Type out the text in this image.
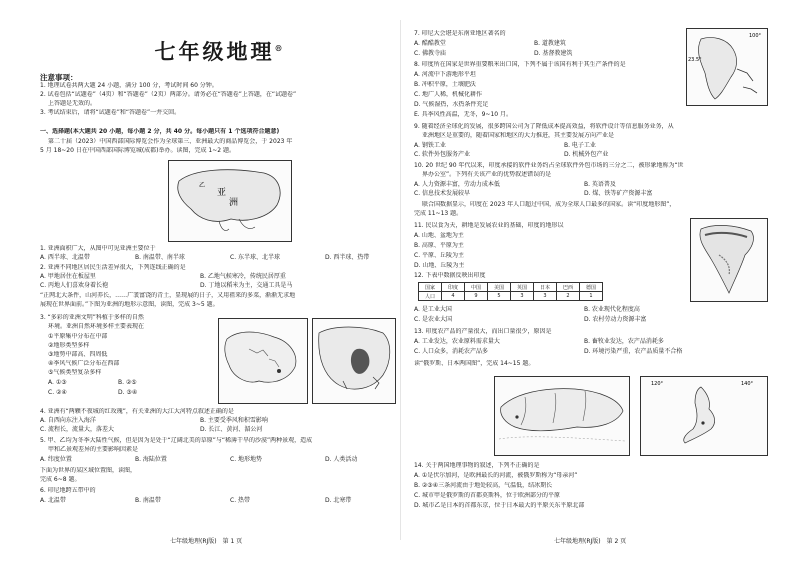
七年级地理®
注意事项：
1. 地理试卷共两大题 24 小题，满分 100 分，考试时间 60 分钟。
2. 试卷包括“试题卷”（4页）和“答题卷”（2页）两部分。请务必在“答题卷”上答题，在“试题卷”
上答题是无效的。
3. 考试结束后，请将“试题卷”和“答题卷”一并交回。
一、选择题(本大题共 20 小题，每小题 2 分，共 40 分。每小题只有 1 个选项符合题意)
第二十届（2023）中国西部国际博览会作为全球第三、亚洲最大的商品博览会，于 2023 年
5 月 18~20 日在中国西部国际博览城(成都)举办。读图，完成 1~2 题。
亚
洲
乙
1. 亚洲面积广大，从图中可见亚洲主要位于
A. 西半球、北温带	B. 南温带、南半球	C. 东半球、北半球	D. 西半球、热带
2. 亚洲不同地区居民生活差异很大，下列连线正确的是
A. 甲地居住在板屋里	B. 乙地气候寒冷，传统民居厚重
C. 丙地人们喜欢身着长袍	D. 丁地以稻米为主，交通工具是马
“正网北大条件，山河养长，……广袤富饶的青土，显现展的日子，又用祖来的多菜，渐渐无求地
展现在世界面前。”下图为亚洲的地形示意图，读图，完成 3~5 题。
3. “多彩的亚洲文明”科植于多样的自然
环境。亚洲自然环境多样主要表现在
①平原集中分布在中部
②地形类型多样
③地势中部高、四周低
④季风气候广泛分布在西部
⑤气候类型复杂多样
A. ①③	B. ②⑤
C. ②④	D. ③④
4. 亚洲有“两颗不夜城的红玫瑰”，有关亚洲的大江大河特点叙述正确的是
A. 自西向东注入海洋	B. 主要受季风和积雪影响
C. 流程长，流量大，落差大	D. 长江、黄河、湄公河
5. 甲、乙均为冬季大陆性气候，但是因为是处于“辽阔北美的草原”与“稀薄干旱的沙漠”两种景观，造成
甲和乙景观差异的主要影响因素是
A. 纬度位置	B. 海陆位置	C. 地形地势	D. 人类活动
下面为世界的某区域位置图，读图，
完成 6~8 题。
6. 印尼地跨五带中的
A. 北温带	B. 南温带	C. 热带	D. 北寒带
七年级地理(RJ版)　第 1 页
7. 印尼大会堪是东南亚地区著名的
A. 酷酷教堂	B. 道教建筑
C. 佛教寺庙	D. 基督教建筑
100°
23.5°
8. 印度所在国家是世界重要粮米出口国，下列不属于该国有利于其生产条件的是
A. 河流中下游地形平坦
B. 冲积平原，土壤肥沃
C. 地广人稀，机械化耕作
D. 气候湿热，水热条件充足
E. 具季风性高温，无冬，9~10 月。
9. 随着经济全球化的发展，很多跨国公司为了降低成本提高效益，将软件设计等信息服务业务，从
亚洲地区是重要的，随着国家和地区的大力推进，其主要发展方向产业是
A. 钢铁工业	B. 电子工业
C. 软件外包服务产业	D. 机械外包产业
10. 20 世纪 90 年代以来，印度承接的软件业务约占全球软件外包市场的三分之二，被形象地称为“世
界办公室”。下列有关该产业的优势叙述错误的是
A. 人力资源丰富，劳动力成本低	B. 英语普及
C. 信息技术发展较早	D. 煤、铁等矿产资源丰富
联合国数据显示，印度在 2023 年人口超过中国，成为全球人口最多的国家。读“印度地形图”，
完成 11~13 题。
11. 民以食为天，耕地是发展农业的基础，印度的地形以
A. 山地、盆地为主
B. 高原、平原为主
C. 平原、丘陵为主
D. 山地、丘陵为主
12. 下表中数据反映出印度
国家	印度	中国	美国	英国	日本	巴西	德国
人口	4	9	5	3	3	2	1
A. 是工业大国	B. 农业现代化程度高
C. 是农业大国	D. 农村劳动力资源丰富
13. 印度农产品的产量很大，而出口量很少，原因是
A. 工业发达，农业原料需求量大	B. 畜牧业发达，农产品消耗多
C. 人口众多，消耗农产品多	D. 环境污染严重，农产品质量不合格
读“俄罗斯、日本两国图”，完成 14~15 题。
120°	140°
14. 关于两国地理事物的叙述，下列不正确的是
A. ①是伏尔加河，是欧洲最长的河流，被俄罗斯称为“母亲河”
B. ②③④三条河流由于地处较高，气温低，结冰期长
C. 城市甲是俄罗斯的首都莫斯科，位于欧洲部分的平原
D. 城市乙是日本的首都东京，位于日本最大的平原关东平原北部
七年级地理(RJ版)　第 2 页
